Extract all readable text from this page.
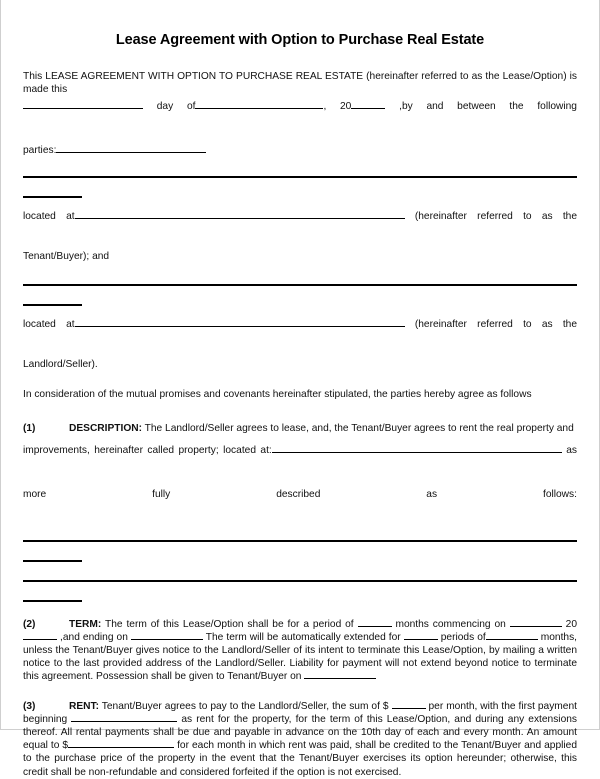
Lease Agreement with Option to Purchase Real Estate

This LEASE AGREEMENT WITH OPTION TO PURCHASE REAL ESTATE (hereinafter referred to as the Lease/Option) is made this

day of	, 20	,by and between the following
parties:
located at	(hereinafter referred to as the
Tenant/Buyer); and
located at	(hereinafter referred to as the
Landlord/Seller).

In consideration of the mutual promises and covenants hereinafter stipulated, the parties hereby agree as follows

(1)	DESCRIPTION: The Landlord/Seller agrees to lease, and, the Tenant/Buyer agrees to rent the real property and
improvements, hereinafter called property; located at:	as
more	fully	described	as	follows:
(2)	TERM: The term of this Lease/Option shall be for a period of	months commencing on	20 ,and ending on	The term will be automatically extended for	periods of	months, unless the Tenant/Buyer gives notice to the Landlord/Seller of its intent to terminate this Lease/Option, by mailing a written notice to the last provided address of the Landlord/Seller. Liability for payment will not extend beyond notice to terminate this agreement. Possession shall be given to Tenant/Buyer on
(3)	RENT: Tenant/Buyer agrees to pay to the Landlord/Seller, the sum of $	per month, with the first payment beginning	as rent for the property, for the term of this Lease/Option, and during any extensions thereof. All rental payments shall be due and payable in advance on the 10th day of each and every month. An amount equal to $	for each month in which rent was paid, shall be credited to the Tenant/Buyer and applied to the purchase price of the property in the event that the Tenant/Buyer exercises its option hereunder; otherwise, this credit shall be non-refundable and considered forfeited if the option is not exercised.
